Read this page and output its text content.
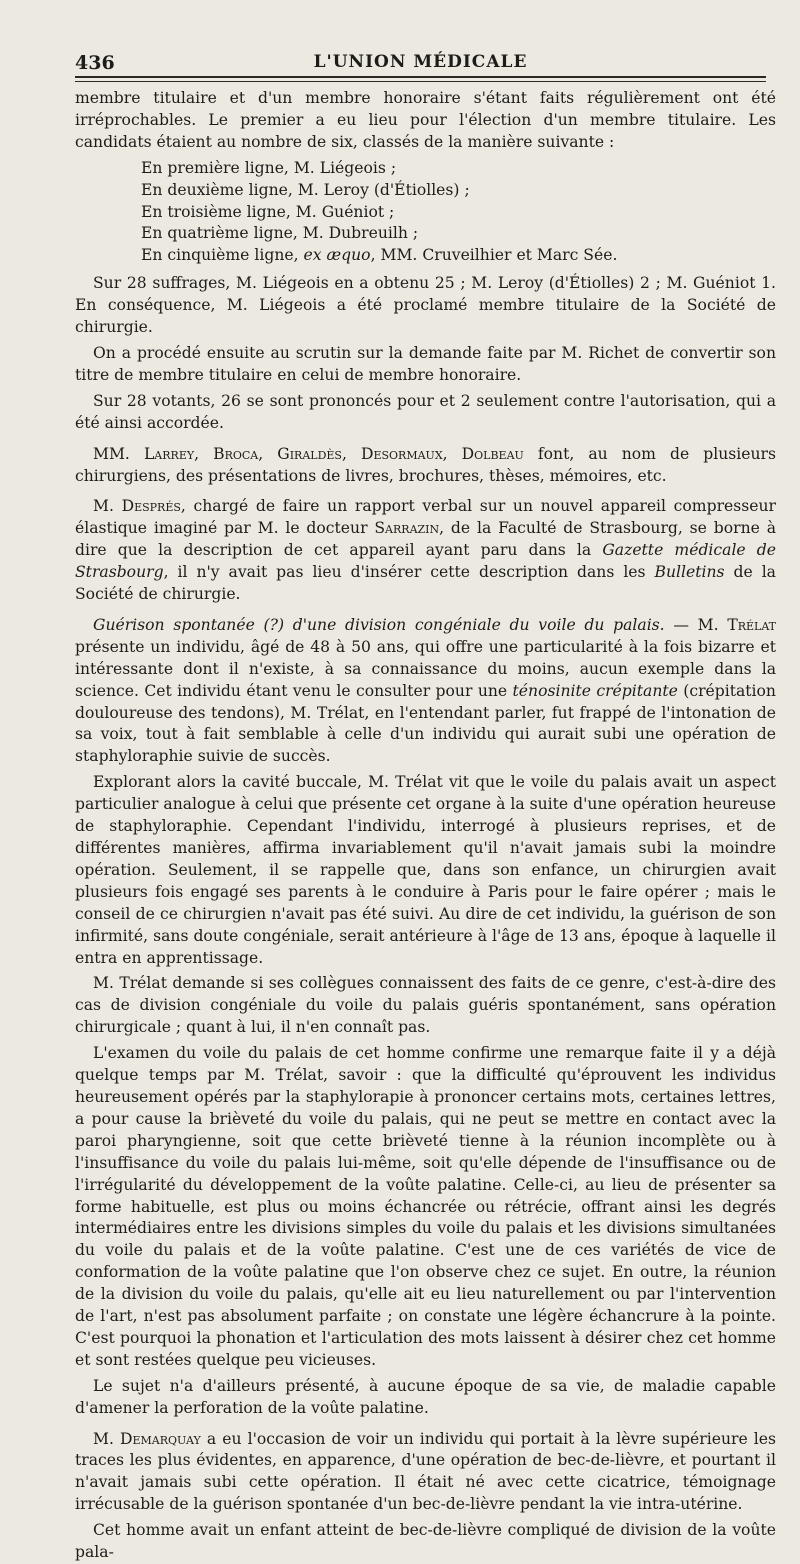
436	L'UNION MÉDICALE

membre titulaire et d'un membre honoraire s'étant faits régulièrement ont été irréprochables. Le premier a eu lieu pour l'élection d'un membre titulaire. Les candidats étaient au nombre de six, classés de la manière suivante :

En première ligne, M. Liégeois ;
En deuxième ligne, M. Leroy (d'Étiolles) ;
En troisième ligne, M. Guéniot ;
En quatrième ligne, M. Dubreuilh ;
En cinquième ligne, ex æquo, MM. Cruveilhier et Marc Sée.

Sur 28 suffrages, M. Liégeois en a obtenu 25 ; M. Leroy (d'Étiolles) 2 ; M. Guéniot 1. En conséquence, M. Liégeois a été proclamé membre titulaire de la Société de chirurgie.

On a procédé ensuite au scrutin sur la demande faite par M. Richet de convertir son titre de membre titulaire en celui de membre honoraire.

Sur 28 votants, 26 se sont prononcés pour et 2 seulement contre l'autorisation, qui a été ainsi accordée.

MM. Larrey, Broca, Giraldès, Desormaux, Dolbeau font, au nom de plusieurs chirurgiens, des présentations de livres, brochures, thèses, mémoires, etc.

M. Després, chargé de faire un rapport verbal sur un nouvel appareil compresseur élastique imaginé par M. le docteur Sarrazin, de la Faculté de Strasbourg, se borne à dire que la description de cet appareil ayant paru dans la Gazette médicale de Strasbourg, il n'y avait pas lieu d'insérer cette description dans les Bulletins de la Société de chirurgie.

Guérison spontanée (?) d'une division congéniale du voile du palais. — M. Trélat présente un individu, âgé de 48 à 50 ans, qui offre une particularité à la fois bizarre et intéressante dont il n'existe, à sa connaissance du moins, aucun exemple dans la science. Cet individu étant venu le consulter pour une ténosinite crépitante (crépitation douloureuse des tendons), M. Trélat, en l'entendant parler, fut frappé de l'intonation de sa voix, tout à fait semblable à celle d'un individu qui aurait subi une opération de staphyloraphie suivie de succès.

Explorant alors la cavité buccale, M. Trélat vit que le voile du palais avait un aspect particulier analogue à celui que présente cet organe à la suite d'une opération heureuse de staphyloraphie. Cependant l'individu, interrogé à plusieurs reprises, et de différentes manières, affirma invariablement qu'il n'avait jamais subi la moindre opération. Seulement, il se rappelle que, dans son enfance, un chirurgien avait plusieurs fois engagé ses parents à le conduire à Paris pour le faire opérer ; mais le conseil de ce chirurgien n'avait pas été suivi. Au dire de cet individu, la guérison de son infirmité, sans doute congéniale, serait antérieure à l'âge de 13 ans, époque à laquelle il entra en apprentissage.

M. Trélat demande si ses collègues connaissent des faits de ce genre, c'est-à-dire des cas de division congéniale du voile du palais guéris spontanément, sans opération chirurgicale ; quant à lui, il n'en connaît pas.

L'examen du voile du palais de cet homme confirme une remarque faite il y a déjà quelque temps par M. Trélat, savoir : que la difficulté qu'éprouvent les individus heureusement opérés par la staphylorapie à prononcer certains mots, certaines lettres, a pour cause la brièveté du voile du palais, qui ne peut se mettre en contact avec la paroi pharyngienne, soit que cette brièveté tienne à la réunion incomplète ou à l'insuffisance du voile du palais lui-même, soit qu'elle dépende de l'insuffisance ou de l'irrégularité du développement de la voûte palatine. Celle-ci, au lieu de présenter sa forme habituelle, est plus ou moins échancrée ou rétrécie, offrant ainsi les degrés intermédiaires entre les divisions simples du voile du palais et les divisions simultanées du voile du palais et de la voûte palatine. C'est une de ces variétés de vice de conformation de la voûte palatine que l'on observe chez ce sujet. En outre, la réunion de la division du voile du palais, qu'elle ait eu lieu naturellement ou par l'intervention de l'art, n'est pas absolument parfaite ; on constate une légère échancrure à la pointe. C'est pourquoi la phonation et l'articulation des mots laissent à désirer chez cet homme et sont restées quelque peu vicieuses.

Le sujet n'a d'ailleurs présenté, à aucune époque de sa vie, de maladie capable d'amener la perforation de la voûte palatine.

M. Demarquay a eu l'occasion de voir un individu qui portait à la lèvre supérieure les traces les plus évidentes, en apparence, d'une opération de bec-de-lièvre, et pourtant il n'avait jamais subi cette opération. Il était né avec cette cicatrice, témoignage irrécusable de la guérison spontanée d'un bec-de-lièvre pendant la vie intra-utérine.

Cet homme avait un enfant atteint de bec-de-lièvre compliqué de division de la voûte pala-
